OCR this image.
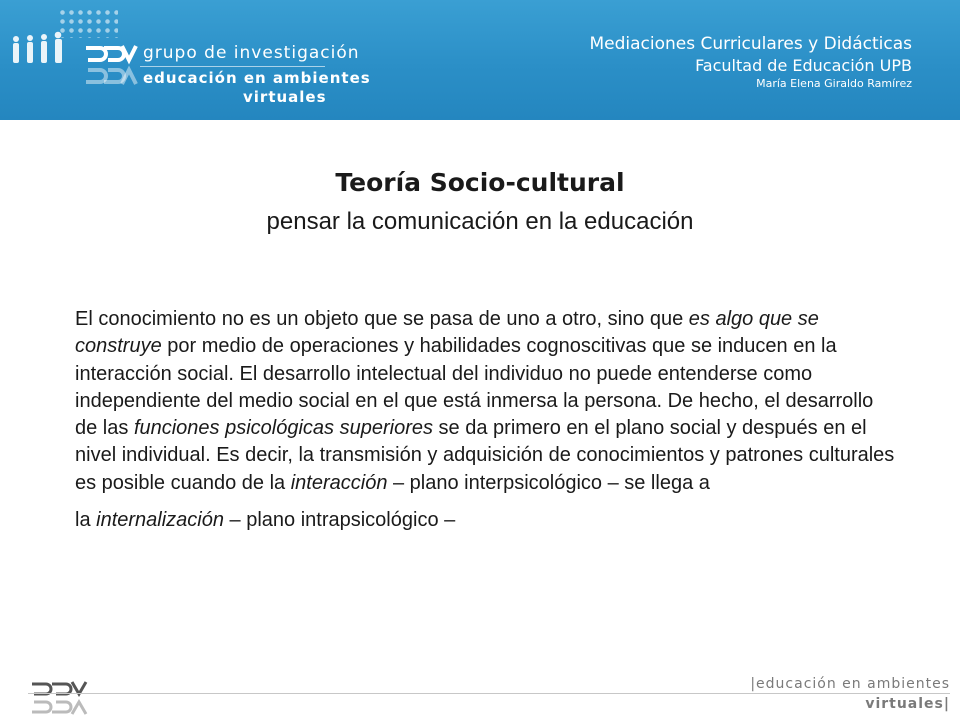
grupo de investigación
educación en ambientes
virtuales
Mediaciones Curriculares y Didácticas
Facultad de Educación UPB
María Elena Giraldo Ramírez
Teoría Socio-cultural
pensar la comunicación en la educación
El conocimiento no es un objeto que se pasa de uno a otro, sino que es algo que se construye por medio de operaciones y habilidades cognoscitivas que se inducen en la interacción social. El desarrollo intelectual del individuo no puede entenderse como independiente del medio social en el que está inmersa la persona. De hecho, el desarrollo de las funciones psicológicas superiores se da primero en el plano social y después en el nivel individual. Es decir, la transmisión y adquisición de conocimientos y patrones culturales es posible cuando de la interacción – plano interpsicológico – se llega a
la internalización – plano intrapsicológico –
|educación en ambientes
virtuales|
